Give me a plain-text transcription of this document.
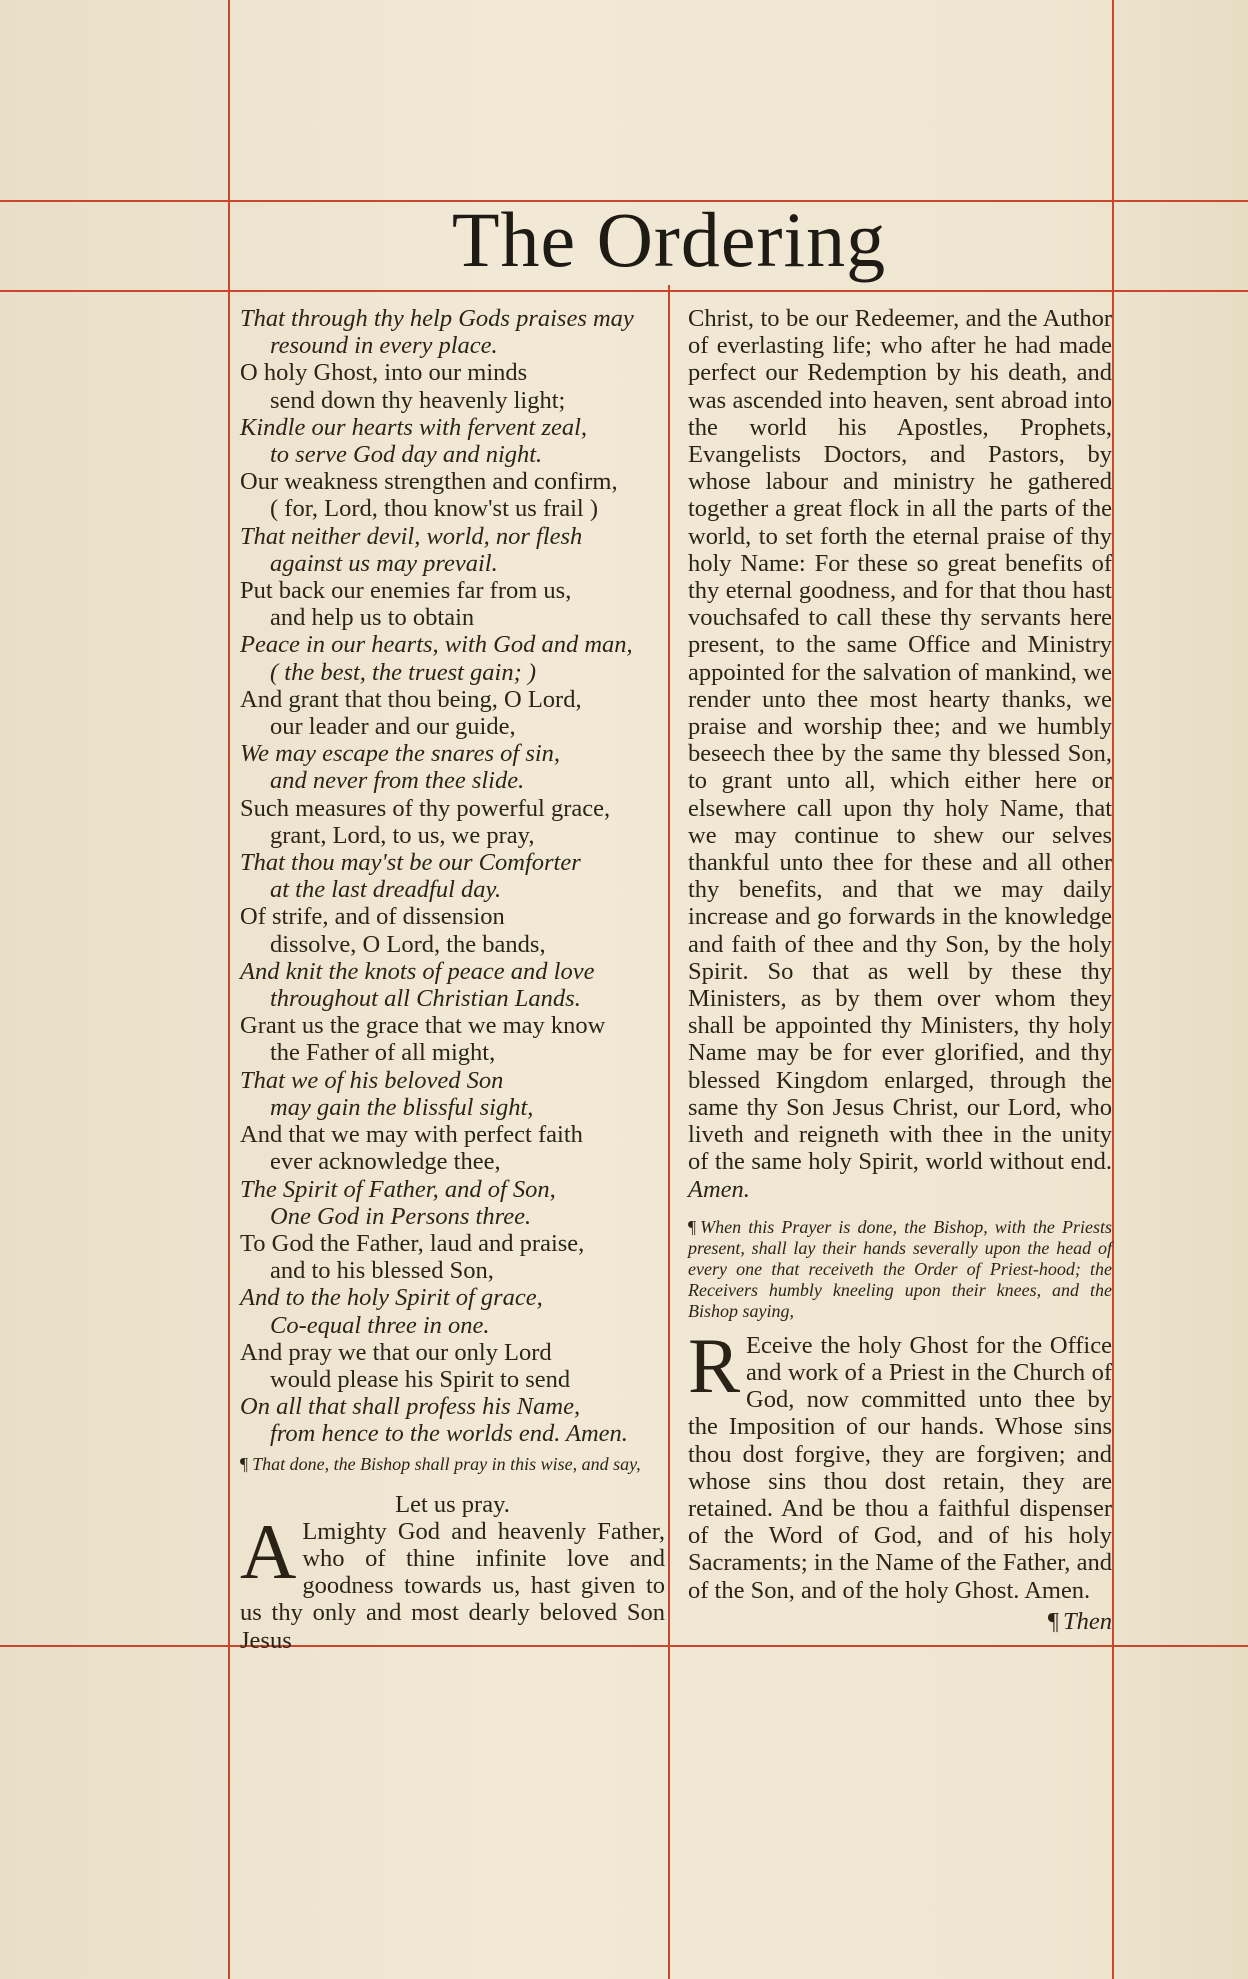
The Ordering
That through thy help Gods praises may
resound in every place.
O holy Ghost, into our minds
send down thy heavenly light;
Kindle our hearts with fervent zeal,
to serve God day and night.
Our weakness strengthen and confirm,
( for, Lord, thou know'st us frail )
That neither devil, world, nor flesh
against us may prevail.
Put back our enemies far from us,
and help us to obtain
Peace in our hearts, with God and man,
( the best, the truest gain; )
And grant that thou being, O Lord,
our leader and our guide,
We may escape the snares of sin,
and never from thee slide.
Such measures of thy powerful grace,
grant, Lord, to us, we pray,
That thou may'st be our Comforter
at the last dreadful day.
Of strife, and of dissension
dissolve, O Lord, the bands,
And knit the knots of peace and love
throughout all Christian Lands.
Grant us the grace that we may know
the Father of all might,
That we of his beloved Son
may gain the blissful sight,
And that we may with perfect faith
ever acknowledge thee,
The Spirit of Father, and of Son,
One God in Persons three.
To God the Father, laud and praise,
and to his blessed Son,
And to the holy Spirit of grace,
Co-equal three in one.
And pray we that our only Lord
would please his Spirit to send
On all that shall profess his Name,
from hence to the worlds end. Amen.
¶ That done, the Bishop shall pray in this wise, and say,
Let us pray.
A Lmighty God and heavenly Father, who of thine infinite love and goodness towards us, hast given to us thy only and most dearly beloved Son Jesus
Christ, to be our Redeemer, and the Author of everlasting life; who after he had made perfect our Redemption by his death, and was ascended into heaven, sent abroad into the world his Apostles, Prophets, Evangelists Doctors, and Pastors, by whose labour and ministry he gathered together a great flock in all the parts of the world, to set forth the eternal praise of thy holy Name: For these so great benefits of thy eternal goodness, and for that thou hast vouchsafed to call these thy servants here present, to the same Office and Ministry appointed for the salvation of mankind, we render unto thee most hearty thanks, we praise and worship thee; and we humbly beseech thee by the same thy blessed Son, to grant unto all, which either here or elsewhere call upon thy holy Name, that we may continue to shew our selves thankful unto thee for these and all other thy benefits, and that we may daily increase and go forwards in the knowledge and faith of thee and thy Son, by the holy Spirit. So that as well by these thy Ministers, as by them over whom they shall be appointed thy Ministers, thy holy Name may be for ever glorified, and thy blessed Kingdom enlarged, through the same thy Son Jesus Christ, our Lord, who liveth and reigneth with thee in the unity of the same holy Spirit, world without end. Amen.
¶ When this Prayer is done, the Bishop, with the Priests present, shall lay their hands severally upon the head of every one that receiveth the Order of Priest-hood; the Receivers humbly kneeling upon their knees, and the Bishop saying,
R Eceive the holy Ghost for the Office and work of a Priest in the Church of God, now committed unto thee by the Imposition of our hands. Whose sins thou dost forgive, they are forgiven; and whose sins thou dost retain, they are retained. And be thou a faithful dispenser of the Word of God, and of his holy Sacraments; in the Name of the Father, and of the Son, and of the holy Ghost. Amen.
¶ Then
